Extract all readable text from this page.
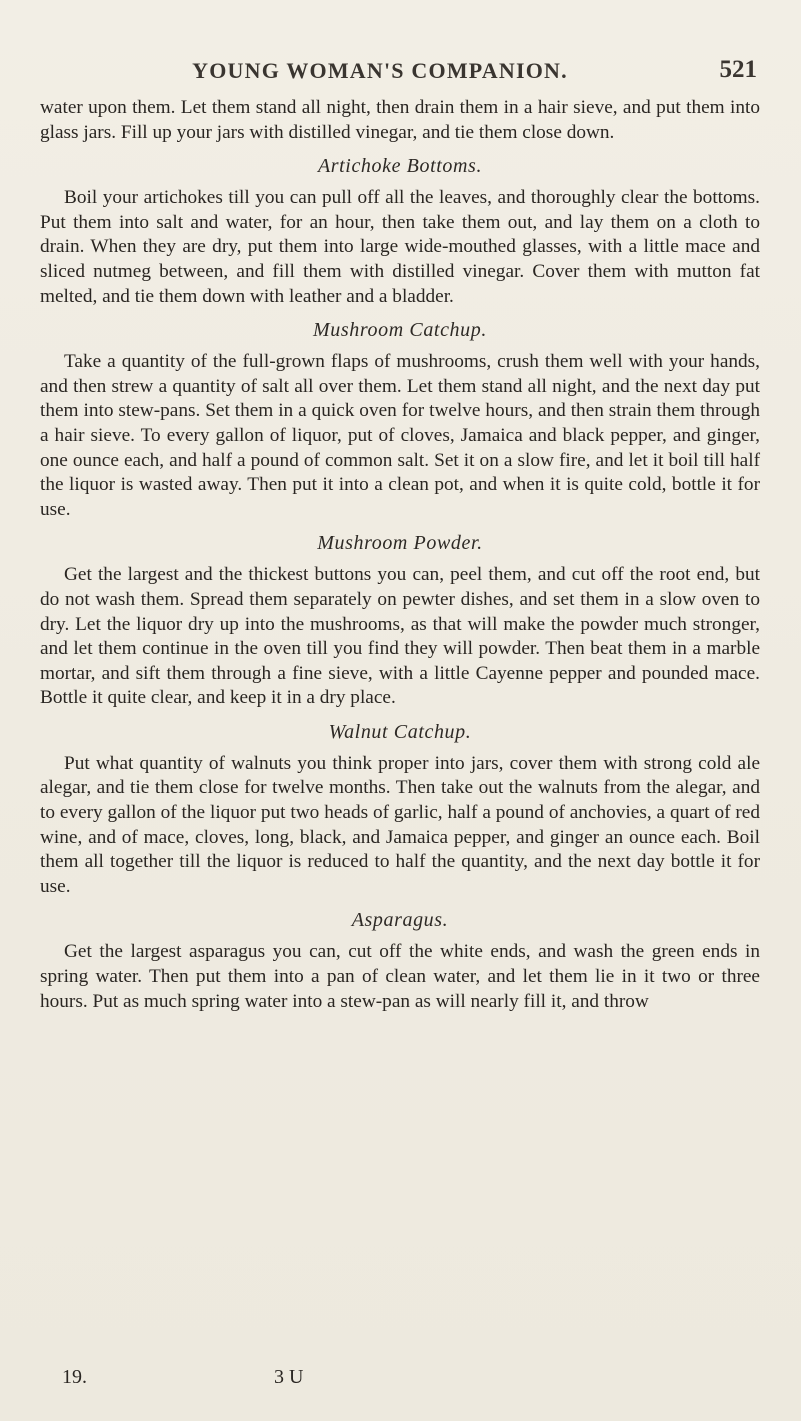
YOUNG WOMAN'S COMPANION.	521

water upon them. Let them stand all night, then drain them in a hair sieve, and put them into glass jars. Fill up your jars with distilled vinegar, and tie them close down.

Artichoke Bottoms.

Boil your artichokes till you can pull off all the leaves, and thoroughly clear the bottoms. Put them into salt and water, for an hour, then take them out, and lay them on a cloth to drain. When they are dry, put them into large wide-mouthed glasses, with a little mace and sliced nutmeg between, and fill them with distilled vinegar. Cover them with mutton fat melted, and tie them down with leather and a bladder.

Mushroom Catchup.

Take a quantity of the full-grown flaps of mushrooms, crush them well with your hands, and then strew a quantity of salt all over them. Let them stand all night, and the next day put them into stew-pans. Set them in a quick oven for twelve hours, and then strain them through a hair sieve. To every gallon of liquor, put of cloves, Jamaica and black pepper, and ginger, one ounce each, and half a pound of common salt. Set it on a slow fire, and let it boil till half the liquor is wasted away. Then put it into a clean pot, and when it is quite cold, bottle it for use.

Mushroom Powder.

Get the largest and the thickest buttons you can, peel them, and cut off the root end, but do not wash them. Spread them separately on pewter dishes, and set them in a slow oven to dry. Let the liquor dry up into the mushrooms, as that will make the powder much stronger, and let them continue in the oven till you find they will powder. Then beat them in a marble mortar, and sift them through a fine sieve, with a little Cayenne pepper and pounded mace. Bottle it quite clear, and keep it in a dry place.

Walnut Catchup.

Put what quantity of walnuts you think proper into jars, cover them with strong cold ale alegar, and tie them close for twelve months. Then take out the walnuts from the alegar, and to every gallon of the liquor put two heads of garlic, half a pound of anchovies, a quart of red wine, and of mace, cloves, long, black, and Jamaica pepper, and ginger an ounce each. Boil them all together till the liquor is reduced to half the quantity, and the next day bottle it for use.

Asparagus.

Get the largest asparagus you can, cut off the white ends, and wash the green ends in spring water. Then put them into a pan of clean water, and let them lie in it two or three hours. Put as much spring water into a stew-pan as will nearly fill it, and throw

19.	3 U
